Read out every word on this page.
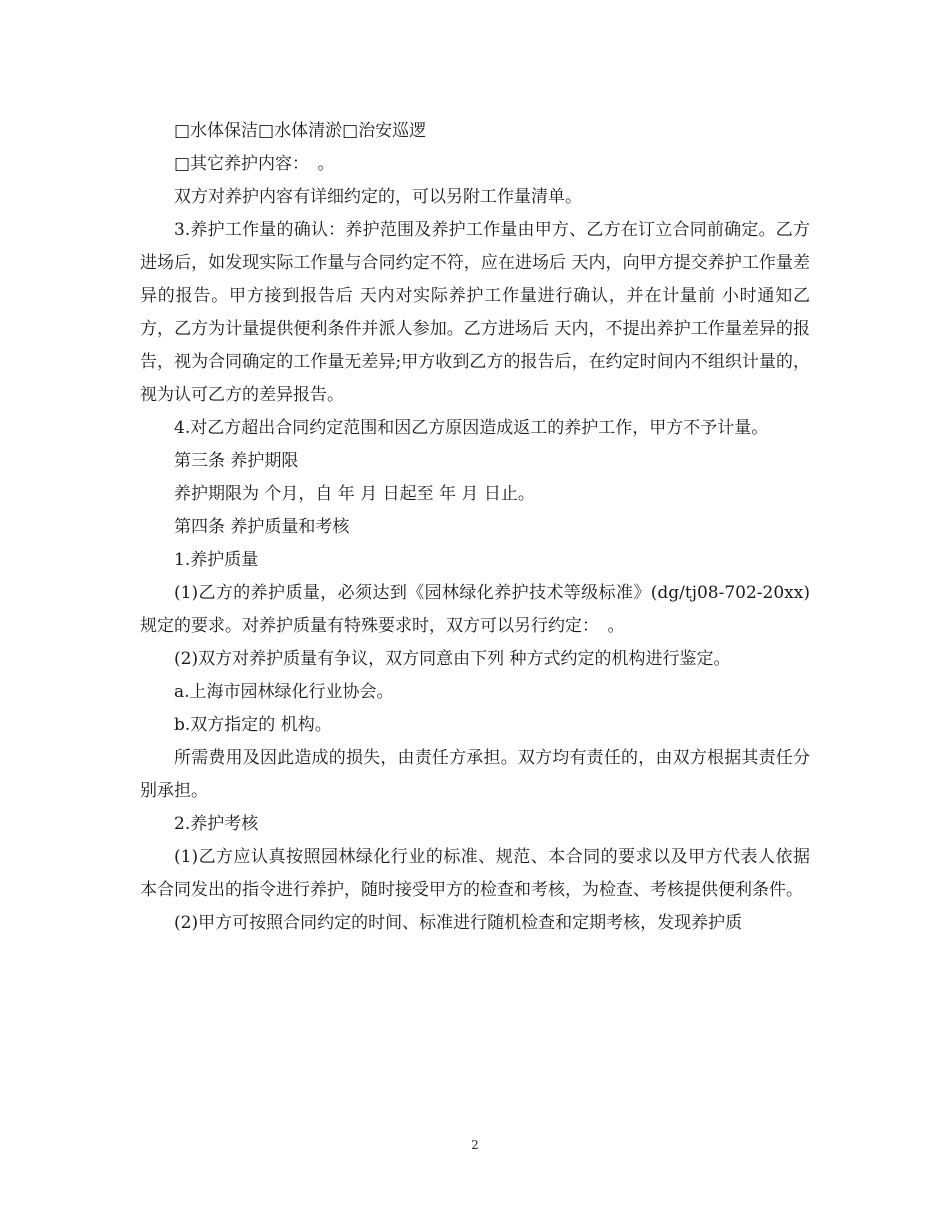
□水体保洁□水体清淤□治安巡逻

□其它养护内容：　。

双方对养护内容有详细约定的，可以另附工作量清单。

3.养护工作量的确认：养护范围及养护工作量由甲方、乙方在订立合同前确定。乙方进场后，如发现实际工作量与合同约定不符，应在进场后 天内，向甲方提交养护工作量差异的报告。甲方接到报告后 天内对实际养护工作量进行确认，并在计量前 小时通知乙方，乙方为计量提供便利条件并派人参加。乙方进场后 天内，不提出养护工作量差异的报告，视为合同确定的工作量无差异;甲方收到乙方的报告后，在约定时间内不组织计量的，视为认可乙方的差异报告。

4.对乙方超出合同约定范围和因乙方原因造成返工的养护工作，甲方不予计量。

第三条 养护期限

养护期限为 个月，自 年 月 日起至 年 月 日止。

第四条 养护质量和考核

1.养护质量

(1)乙方的养护质量，必须达到《园林绿化养护技术等级标准》(dg/tj08-702-20xx)规定的要求。对养护质量有特殊要求时，双方可以另行约定：　。

(2)双方对养护质量有争议，双方同意由下列 种方式约定的机构进行鉴定。

a.上海市园林绿化行业协会。

b.双方指定的 机构。

所需费用及因此造成的损失，由责任方承担。双方均有责任的，由双方根据其责任分别承担。

2.养护考核

(1)乙方应认真按照园林绿化行业的标准、规范、本合同的要求以及甲方代表人依据本合同发出的指令进行养护，随时接受甲方的检查和考核，为检查、考核提供便利条件。

(2)甲方可按照合同约定的时间、标准进行随机检查和定期考核，发现养护质

2
